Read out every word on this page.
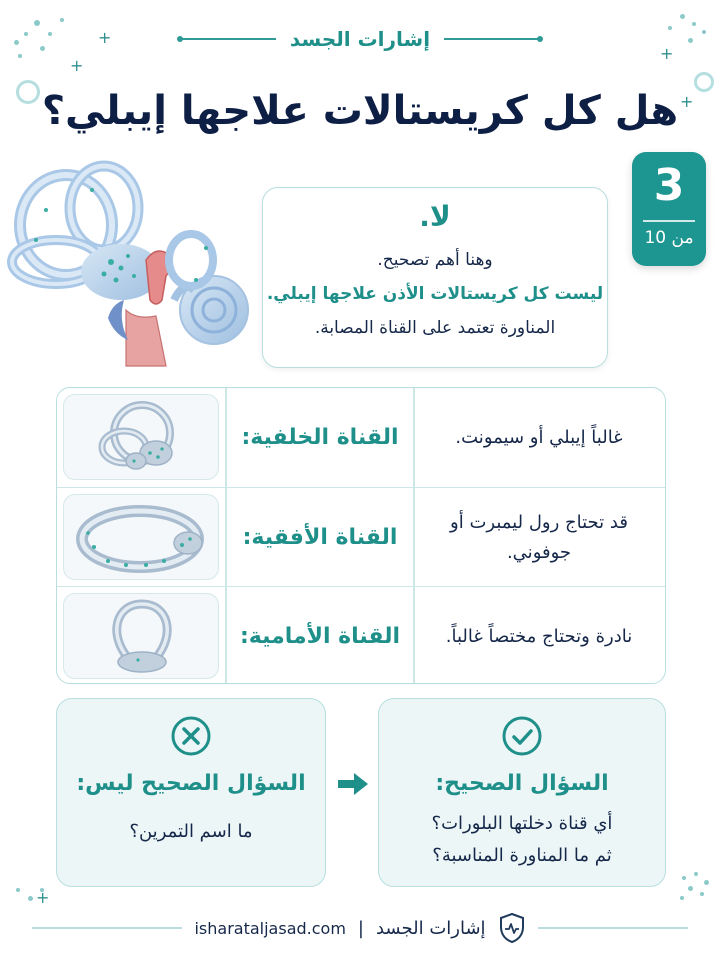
+
+
+
+
+
إشارات الجسد
هل كل كريستالات علاجها إيبلي؟
3
من 10
لا.
وهنا أهم تصحيح.
ليست كل كريستالات الأذن علاجها إيبلي.
المناورة تعتمد على القناة المصابة.
القناة الخلفية:	غالباً إيبلي أو سيمونت.
القناة الأفقية:
قد تحتاج رول ليمبرت أو جوفوني.
القناة الأمامية:	نادرة وتحتاج مختصاً غالباً.
السؤال الصحيح:
أي قناة دخلتها البلورات؟
ثم ما المناورة المناسبة؟
السؤال الصحيح ليس:
ما اسم التمرين؟
isharataljasad.com | إشارات الجسد
